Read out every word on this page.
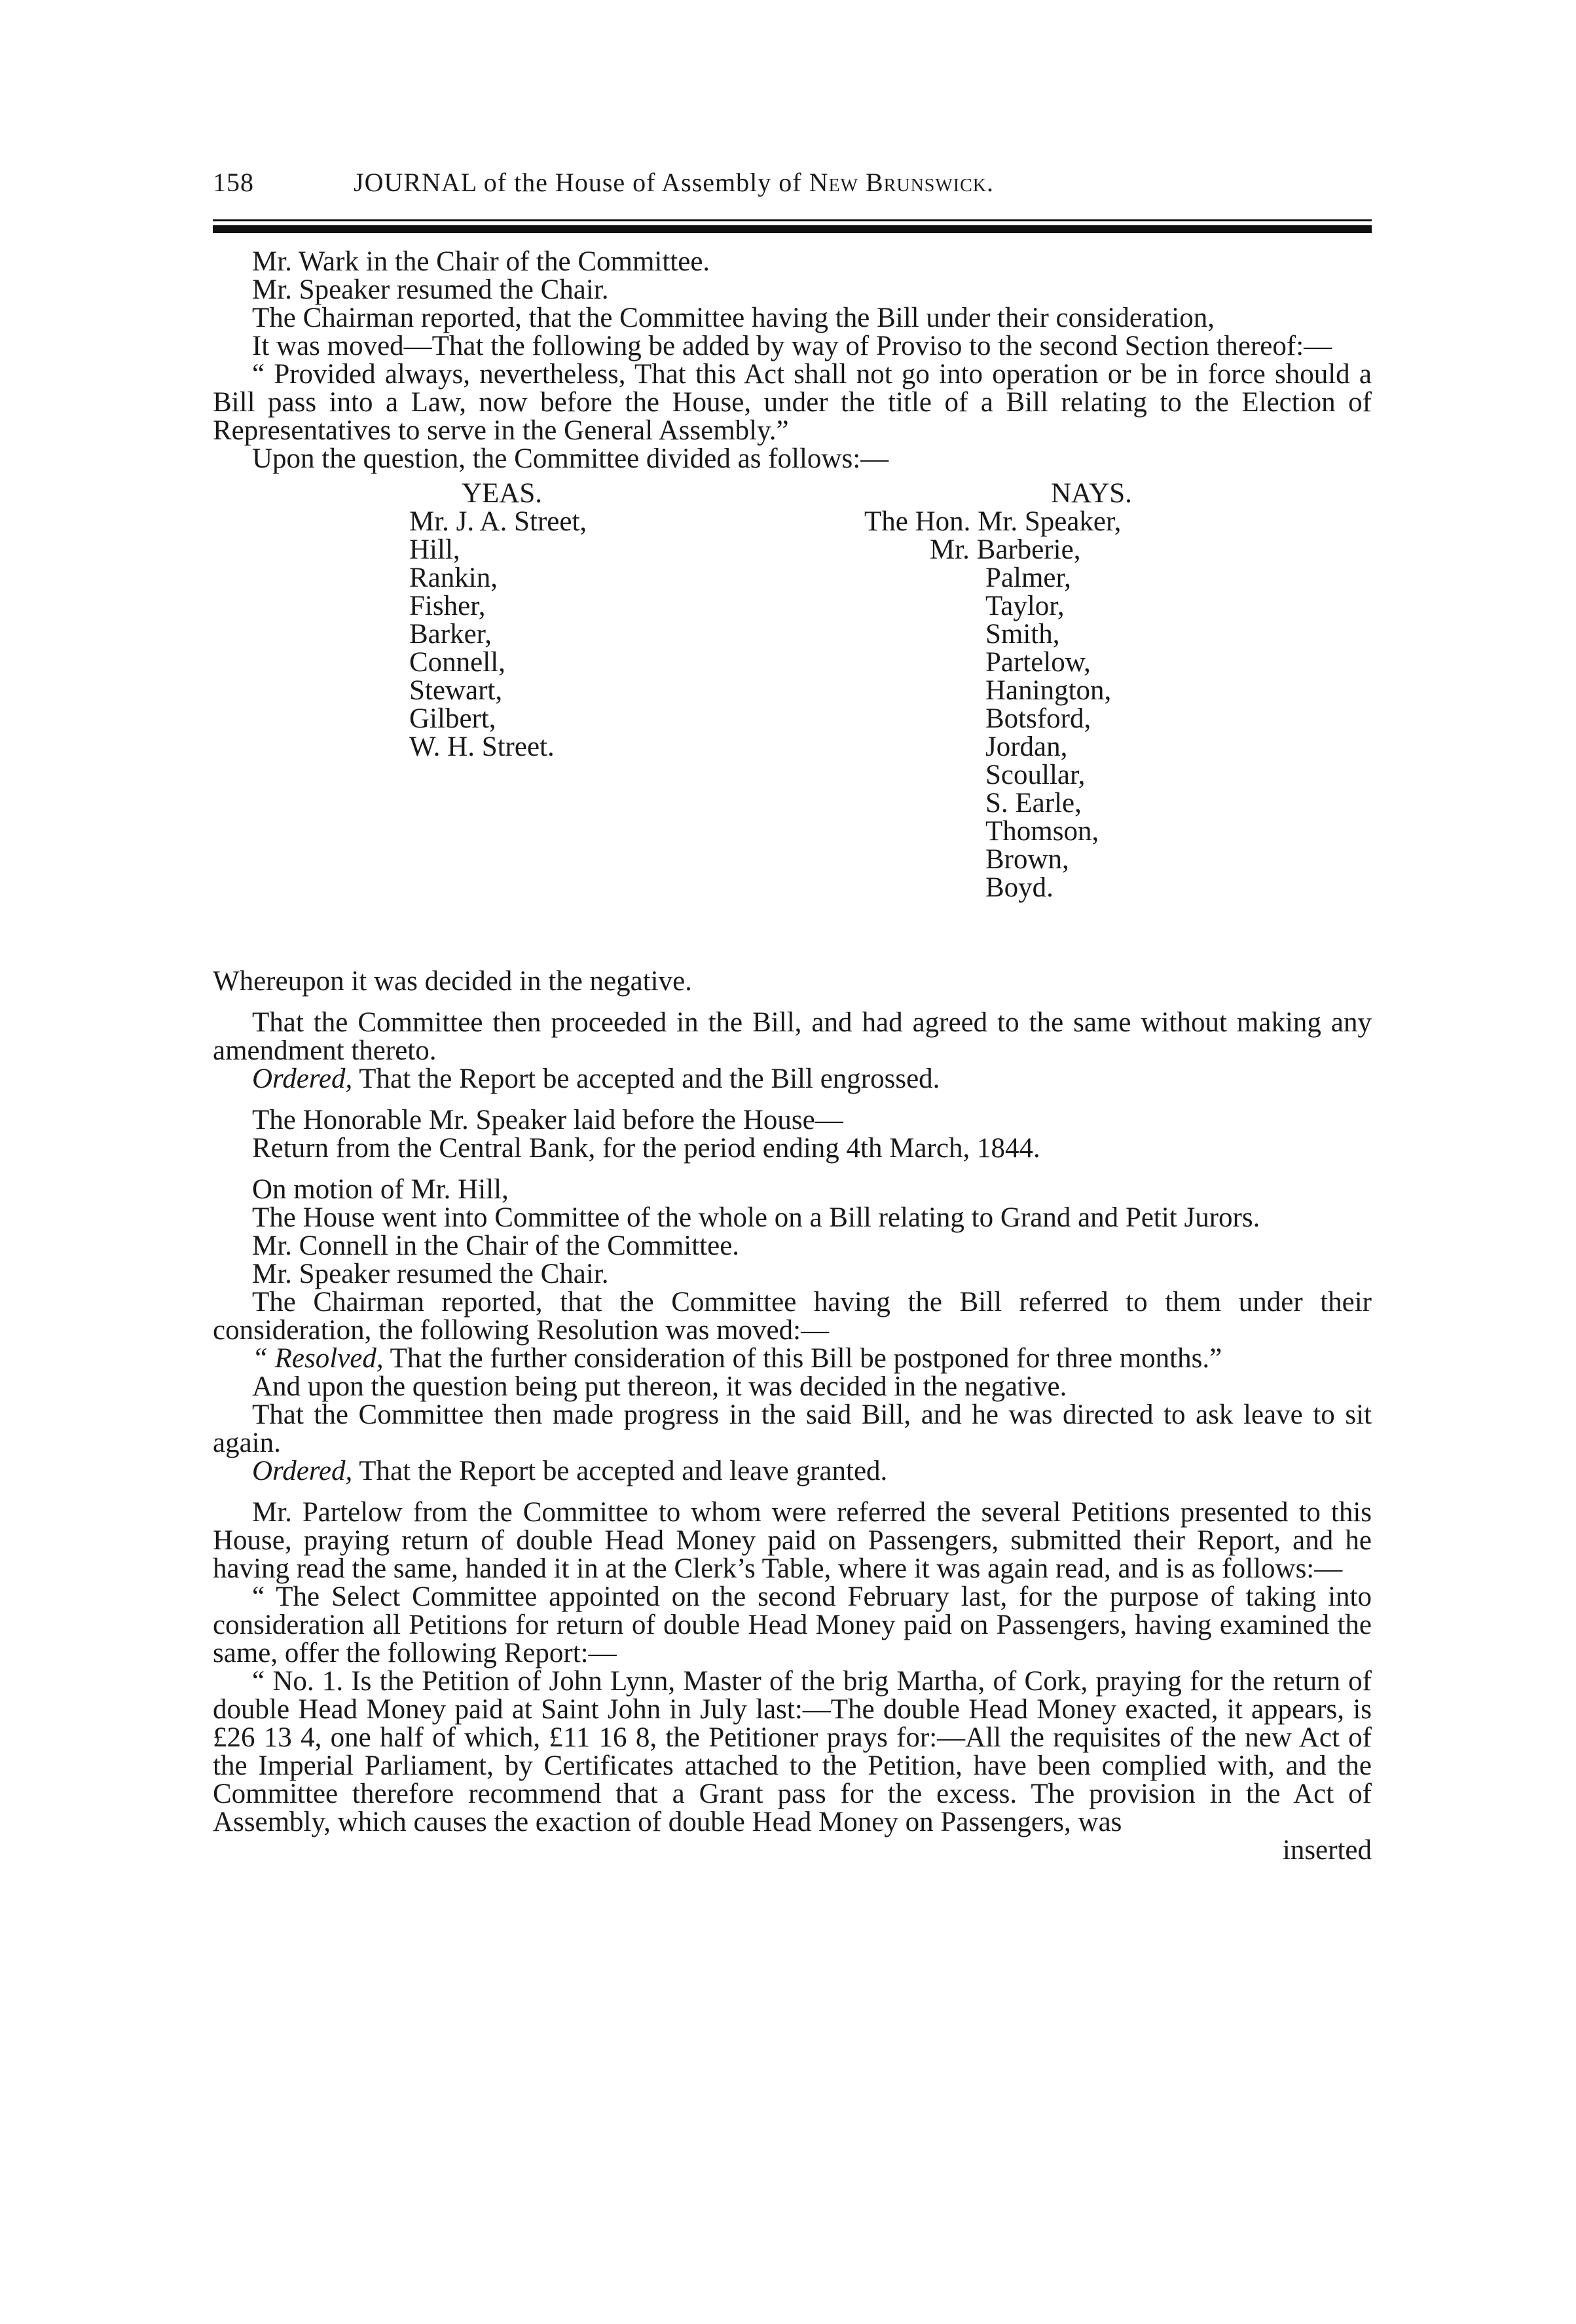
158	JOURNAL of the House of Assembly of New Brunswick.

Mr. Wark in the Chair of the Committee.

Mr. Speaker resumed the Chair.

The Chairman reported, that the Committee having the Bill under their consideration,

It was moved—That the following be added by way of Proviso to the second Section thereof:—

“ Provided always, nevertheless, That this Act shall not go into operation or be in force should a Bill pass into a Law, now before the House, under the title of a Bill relating to the Election of Representatives to serve in the General Assembly.”

Upon the question, the Committee divided as follows:—

YEAS.
Mr. J. A. Street,
Hill,
Rankin,
Fisher,
Barker,
Connell,
Stewart,
Gilbert,
W. H. Street.
NAYS.
The Hon. Mr. Speaker,
Mr. Barberie,
Palmer,
Taylor,
Smith,
Partelow,
Hanington,
Botsford,
Jordan,
Scoullar,
S. Earle,
Thomson,
Brown,
Boyd.

Whereupon it was decided in the negative.

That the Committee then proceeded in the Bill, and had agreed to the same without making any amendment thereto.

Ordered, That the Report be accepted and the Bill engrossed.

The Honorable Mr. Speaker laid before the House—

Return from the Central Bank, for the period ending 4th March, 1844.

On motion of Mr. Hill,

The House went into Committee of the whole on a Bill relating to Grand and Petit Jurors.

Mr. Connell in the Chair of the Committee.

Mr. Speaker resumed the Chair.

The Chairman reported, that the Committee having the Bill referred to them under their consideration, the following Resolution was moved:—

“ Resolved, That the further consideration of this Bill be postponed for three months.”

And upon the question being put thereon, it was decided in the negative.

That the Committee then made progress in the said Bill, and he was directed to ask leave to sit again.

Ordered, That the Report be accepted and leave granted.

Mr. Partelow from the Committee to whom were referred the several Petitions presented to this House, praying return of double Head Money paid on Passengers, submitted their Report, and he having read the same, handed it in at the Clerk’s Table, where it was again read, and is as follows:—

“ The Select Committee appointed on the second February last, for the purpose of taking into consideration all Petitions for return of double Head Money paid on Passengers, having examined the same, offer the following Report:—

“ No. 1. Is the Petition of John Lynn, Master of the brig Martha, of Cork, praying for the return of double Head Money paid at Saint John in July last:—The double Head Money exacted, it appears, is £26 13 4, one half of which, £11 16 8, the Petitioner prays for:—All the requisites of the new Act of the Imperial Parliament, by Certificates attached to the Petition, have been complied with, and the Committee therefore recommend that a Grant pass for the excess. The provision in the Act of Assembly, which causes the exaction of double Head Money on Passengers, was

inserted
